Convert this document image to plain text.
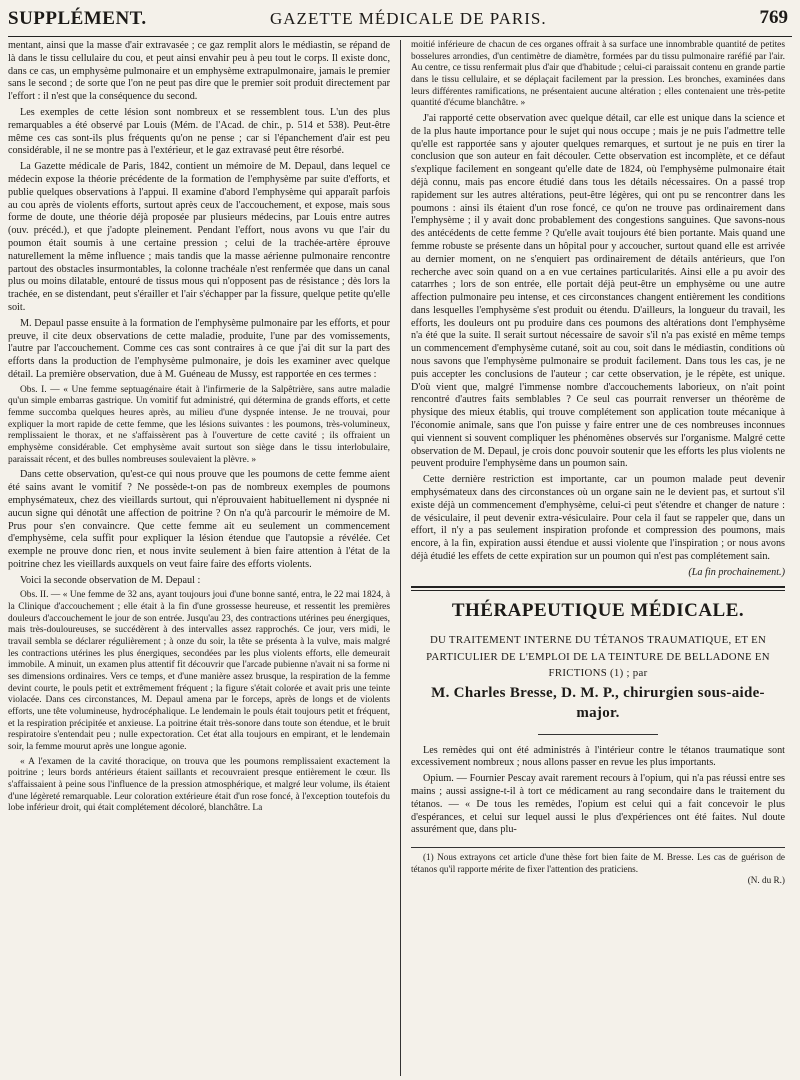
SUPPLÉMENT.	GAZETTE MÉDICALE DE PARIS.	769

mentant, ainsi que la masse d'air extravasée ; ce gaz remplit alors le médiastin, se répand de là dans le tissu cellulaire du cou, et peut ainsi envahir peu à peu tout le corps. Il existe donc, dans ce cas, un emphysème pulmonaire et un emphysème extrapulmonaire, jamais le premier sans le second ; de sorte que l'on ne peut pas dire que le premier soit produit directement par l'effort : il n'est que la conséquence du second.

Les exemples de cette lésion sont nombreux et se ressemblent tous. L'un des plus remarquables a été observé par Louis (Mém. de l'Acad. de chir., p. 514 et 538). Peut-être même ces cas sont-ils plus fréquents qu'on ne pense ; car si l'épanchement d'air est peu considérable, il ne se montre pas à l'extérieur, et le gaz extravasé peut être résorbé.

La Gazette médicale de Paris, 1842, contient un mémoire de M. Depaul, dans lequel ce médecin expose la théorie précédente de la formation de l'emphysème par suite d'efforts, et publie quelques observations à l'appui. Il examine d'abord l'emphysème qui apparaît parfois au cou après de violents efforts, surtout après ceux de l'accouchement, et expose, mais sous forme de doute, une théorie déjà proposée par plusieurs médecins, par Louis entre autres (ouv. précéd.), et que j'adopte pleinement. Pendant l'effort, nous avons vu que l'air du poumon était soumis à une certaine pression ; celui de la trachée-artère éprouve naturellement la même influence ; mais tandis que la masse aérienne pulmonaire rencontre partout des obstacles insurmontables, la colonne trachéale n'est renfermée que dans un canal plus ou moins dilatable, entouré de tissus mous qui n'opposent pas de résistance ; dès lors la trachée, en se distendant, peut s'érailler et l'air s'échapper par la fissure, quelque petite qu'elle soit.

M. Depaul passe ensuite à la formation de l'emphysème pulmonaire par les efforts, et pour preuve, il cite deux observations de cette maladie, produite, l'une par des vomissements, l'autre par l'accouchement. Comme ces cas sont contraires à ce que j'ai dit sur la part des efforts dans la production de l'emphysème pulmonaire, je dois les examiner avec quelque détail. La première observation, due à M. Guéneau de Mussy, est rapportée en ces termes :

Obs. I. — « Une femme septuagénaire était à l'infirmerie de la Salpêtrière, sans autre maladie qu'un simple embarras gastrique. Un vomitif fut administré, qui détermina de grands efforts, et cette femme succomba quelques heures après, au milieu d'une dyspnée intense. Je ne trouvai, pour expliquer la mort rapide de cette femme, que les lésions suivantes : les poumons, très-volumineux, remplissaient le thorax, et ne s'affaissèrent pas à l'ouverture de cette cavité ; ils offraient un emphysème considérable. Cet emphysème avait surtout son siège dans le tissu interlobulaire, paraissait récent, et des bulles nombreuses soulevaient la plèvre. »

Dans cette observation, qu'est-ce qui nous prouve que les poumons de cette femme aient été sains avant le vomitif ? Ne possède-t-on pas de nombreux exemples de poumons emphysémateux, chez des vieillards surtout, qui n'éprouvaient habituellement ni dyspnée ni aucun signe qui dénotât une affection de poitrine ? On n'a qu'à parcourir le mémoire de M. Prus pour s'en convaincre. Que cette femme ait eu seulement un commencement d'emphysème, cela suffit pour expliquer la lésion étendue que l'autopsie a révélée. Cet exemple ne prouve donc rien, et nous invite seulement à bien faire attention à l'état de la poitrine chez les vieillards auxquels on veut faire faire des efforts violents.

Voici la seconde observation de M. Depaul :

Obs. II. — « Une femme de 32 ans, ayant toujours joui d'une bonne santé, entra, le 22 mai 1824, à la Clinique d'accouchement ; elle était à la fin d'une grossesse heureuse, et ressentit les premières douleurs d'accouchement le jour de son entrée. Jusqu'au 23, des contractions utérines peu énergiques, mais très-douloureuses, se succédèrent à des intervalles assez rapprochés. Ce jour, vers midi, le travail sembla se déclarer régulièrement ; à onze du soir, la tête se présenta à la vulve, mais malgré les contractions utérines les plus énergiques, secondées par les plus violents efforts, elle demeurait immobile. A minuit, un examen plus attentif fit découvrir que l'arcade pubienne n'avait ni sa forme ni ses dimensions ordinaires. Vers ce temps, et d'une manière assez brusque, la respiration de la femme devint courte, le pouls petit et extrêmement fréquent ; la figure s'était colorée et avait pris une teinte violacée. Dans ces circonstances, M. Depaul amena par le forceps, après de longs et de violents efforts, une tête volumineuse, hydrocéphalique. Le lendemain le pouls était toujours petit et fréquent, et la respiration précipitée et anxieuse. La poitrine était très-sonore dans toute son étendue, et le bruit respiratoire s'entendait peu ; nulle expectoration. Cet état alla toujours en empirant, et le lendemain soir, la femme mourut après une longue agonie.

« A l'examen de la cavité thoracique, on trouva que les poumons remplissaient exactement la poitrine ; leurs bords antérieurs étaient saillants et recouvraient presque entièrement le cœur. Ils s'affaissaient à peine sous l'influence de la pression atmosphérique, et malgré leur volume, ils étaient d'une légèreté remarquable. Leur coloration extérieure était d'un rose foncé, à l'exception toutefois du lobe inférieur droit, qui était complétement décoloré, blanchâtre. La

moitié inférieure de chacun de ces organes offrait à sa surface une innombrable quantité de petites bosselures arrondies, d'un centimètre de diamètre, formées par du tissu pulmonaire raréfié par l'air. Au centre, ce tissu renfermait plus d'air que d'habitude ; celui-ci paraissait contenu en grande partie dans le tissu cellulaire, et se déplaçait facilement par la pression. Les bronches, examinées dans leurs différentes ramifications, ne présentaient aucune altération ; elles contenaient une très-petite quantité d'écume blanchâtre. »

J'ai rapporté cette observation avec quelque détail, car elle est unique dans la science et de la plus haute importance pour le sujet qui nous occupe ; mais je ne puis l'admettre telle qu'elle est rapportée sans y ajouter quelques remarques, et surtout je ne puis en tirer la conclusion que son auteur en fait découler. Cette observation est incomplète, et ce défaut s'explique facilement en songeant qu'elle date de 1824, où l'emphysème pulmonaire était déjà connu, mais pas encore étudié dans tous les détails nécessaires. On a passé trop rapidement sur les autres altérations, peut-être légères, qui ont pu se rencontrer dans les poumons : ainsi ils étaient d'un rose foncé, ce qu'on ne trouve pas ordinairement dans l'emphysème ; il y avait donc probablement des congestions sanguines. Que savons-nous des antécédents de cette femme ? Qu'elle avait toujours été bien portante. Mais quand une femme robuste se présente dans un hôpital pour y accoucher, surtout quand elle est arrivée au dernier moment, on ne s'enquiert pas ordinairement de détails antérieurs, que l'on recherche avec soin quand on a en vue certaines particularités. Ainsi elle a pu avoir des catarrhes ; lors de son entrée, elle portait déjà peut-être un emphysème ou une autre affection pulmonaire peu intense, et ces circonstances changent entièrement les conditions dans lesquelles l'emphysème s'est produit ou étendu. D'ailleurs, la longueur du travail, les efforts, les douleurs ont pu produire dans ces poumons des altérations dont l'emphysème n'a été que la suite. Il serait surtout nécessaire de savoir s'il n'a pas existé en même temps un commencement d'emphysème cutané, soit au cou, soit dans le médiastin, conditions où nous savons que l'emphysème pulmonaire se produit facilement. Dans tous les cas, je ne puis accepter les conclusions de l'auteur ; car cette observation, je le répète, est unique. D'où vient que, malgré l'immense nombre d'accouchements laborieux, on n'ait point rencontré d'autres faits semblables ? Ce seul cas pourrait renverser un théorème de physique des mieux établis, qui trouve complétement son application toute mécanique à l'économie animale, sans que l'on puisse y faire entrer une de ces nombreuses inconnues qui viennent si souvent compliquer les phénomènes observés sur l'organisme. Malgré cette observation de M. Depaul, je crois donc pouvoir soutenir que les efforts les plus violents ne peuvent produire l'emphysème dans un poumon sain.

Cette dernière restriction est importante, car un poumon malade peut devenir emphysémateux dans des circonstances où un organe sain ne le devient pas, et surtout s'il existe déjà un commencement d'emphysème, celui-ci peut s'étendre et changer de nature : de vésiculaire, il peut devenir extra-vésiculaire. Pour cela il faut se rappeler que, dans un effort, il n'y a pas seulement inspiration profonde et compression des poumons, mais encore, à la fin, expiration aussi étendue et aussi violente que l'inspiration ; or nous avons déjà étudié les effets de cette expiration sur un poumon qui n'est pas complétement sain.

(La fin prochainement.)

THÉRAPEUTIQUE MÉDICALE.
DU TRAITEMENT INTERNE DU TÉTANOS TRAUMATIQUE, ET EN PARTICULIER DE L'EMPLOI DE LA TEINTURE DE BELLADONE EN FRICTIONS (1) ; par
M. Charles Bresse, D. M. P., chirurgien sous-aide-major.

Les remèdes qui ont été administrés à l'intérieur contre le tétanos traumatique sont excessivement nombreux ; nous allons passer en revue les plus importants.

Opium. — Fournier Pescay avait rarement recours à l'opium, qui n'a pas réussi entre ses mains ; aussi assigne-t-il à tort ce médicament au rang secondaire dans le traitement du tétanos. — « De tous les remèdes, l'opium est celui qui a fait concevoir le plus d'espérances, et celui sur lequel aussi le plus d'expériences ont été faites. Nul doute assurément que, dans plu-

(1) Nous extrayons cet article d'une thèse fort bien faite de M. Bresse. Les cas de guérison de tétanos qu'il rapporte mérite de fixer l'attention des praticiens.

(N. du R.)
